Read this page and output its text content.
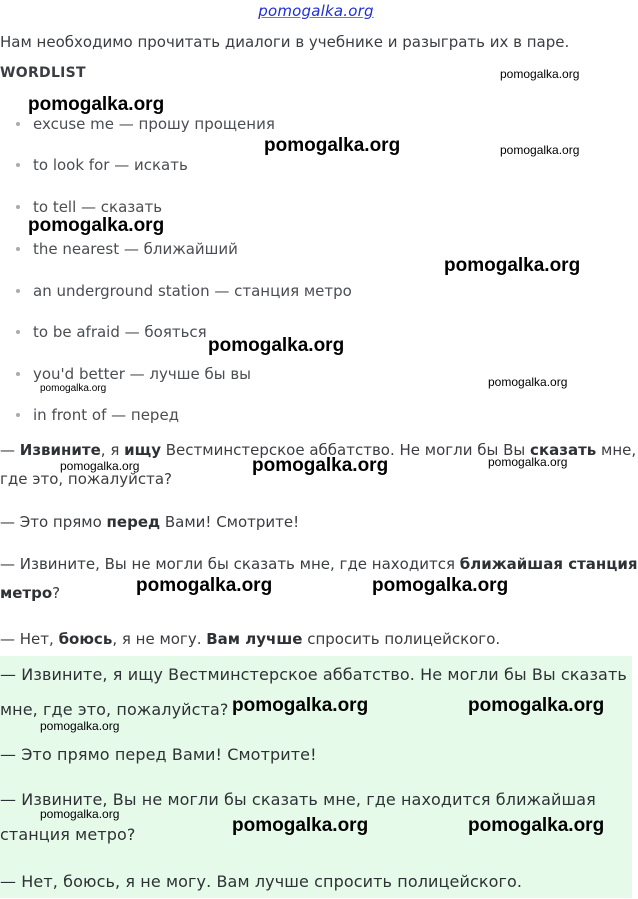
pomogalka.org
Нам необходимо прочитать диалоги в учебнике и разыграть их в паре.
WORDLIST
excuse me — прошу прощения
to look for — искать
to tell — сказать
the nearest — ближайший
an underground station — станция метро
to be afraid — бояться
you'd better — лучше бы вы
in front of — перед
— Извините, я ищу Вестминстерское аббатство. Не могли бы Вы сказать мне,
где это, пожалуйста?
— Это прямо перед Вами! Смотрите!
— Извините, Вы не могли бы сказать мне, где находится ближайшая станция
метро?
— Нет, боюсь, я не могу. Вам лучше спросить полицейского.
— Извините, я ищу Вестминстерское аббатство. Не могли бы Вы сказать
мне, где это, пожалуйста?
— Это прямо перед Вами! Смотрите!
— Извините, Вы не могли бы сказать мне, где находится ближайшая
станция метро?
— Нет, боюсь, я не могу. Вам лучше спросить полицейского.
pomogalka.org
pomogalka.org
pomogalka.org	pomogalka.org
pomogalka.org
pomogalka.org
pomogalka.org
pomogalka.org
pomogalka.org
pomogalka.org
pomogalka.org	pomogalka.org
pomogalka.org	pomogalka.org
pomogalka.org	pomogalka.org
pomogalka.org
pomogalka.org
pomogalka.org	pomogalka.org
